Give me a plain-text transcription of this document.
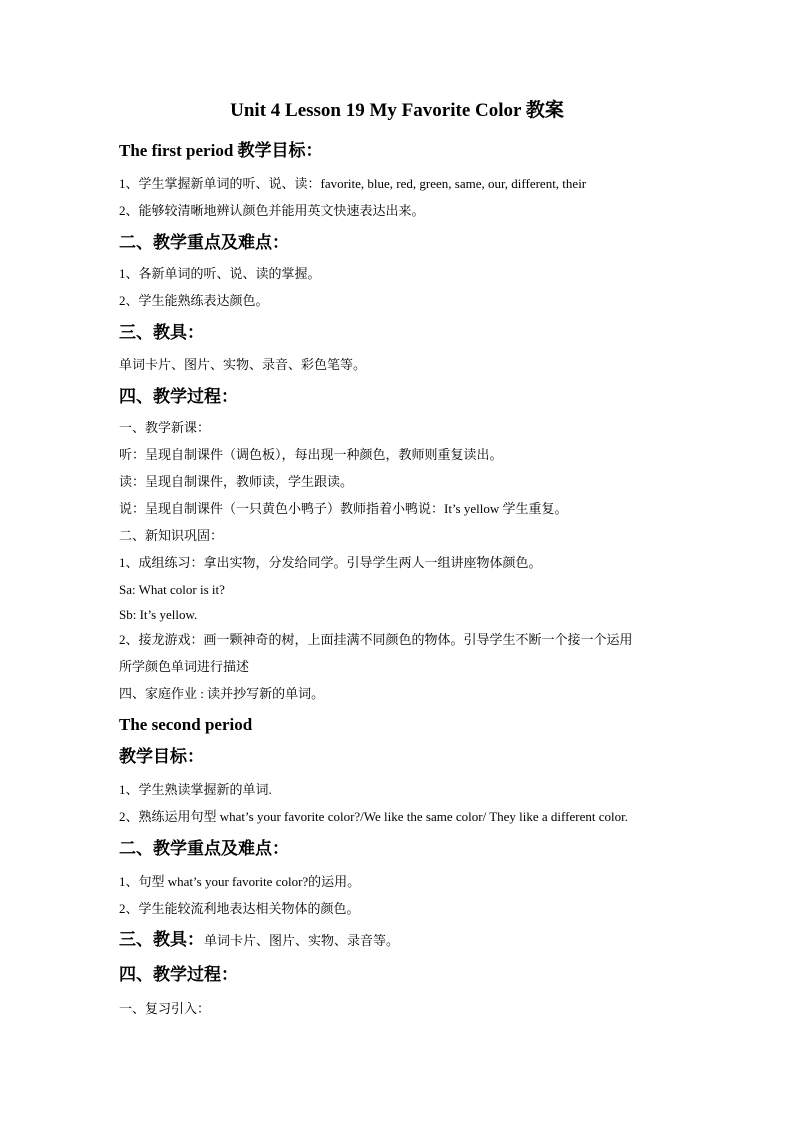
Unit 4 Lesson 19 My Favorite Color 教案
The first period 教学目标：
1、学生掌握新单词的听、说、读：favorite, blue, red, green, same, our, different, their
2、能够较清晰地辨认颜色并能用英文快速表达出来。
二、教学重点及难点：
1、各新单词的听、说、读的掌握。
2、学生能熟练表达颜色。
三、教具：
单词卡片、图片、实物、录音、彩色笔等。
四、教学过程：
一、教学新课：
听：呈现自制课件（调色板），每出现一种颜色，教师则重复读出。
读：呈现自制课件，教师读，学生跟读。
说：呈现自制课件（一只黄色小鸭子）教师指着小鸭说：It’s yellow 学生重复。
二、新知识巩固：
1、成组练习：拿出实物，分发给同学。引导学生两人一组讲座物体颜色。
Sa: What color is it?
Sb: It’s yellow.
2、接龙游戏：画一颗神奇的树，上面挂满不同颜色的物体。引导学生不断一个接一个运用
所学颜色单词进行描述
四、家庭作业 : 读并抄写新的单词。
The second period
教学目标：
1、学生熟读掌握新的单词.
2、熟练运用句型 what’s your favorite color?/We like the same color/ They like a different color.
二、教学重点及难点：
1、句型 what’s your favorite color?的运用。
2、学生能较流利地表达相关物体的颜色。
三、教具：单词卡片、图片、实物、录音等。
四、教学过程：
一、复习引入：
